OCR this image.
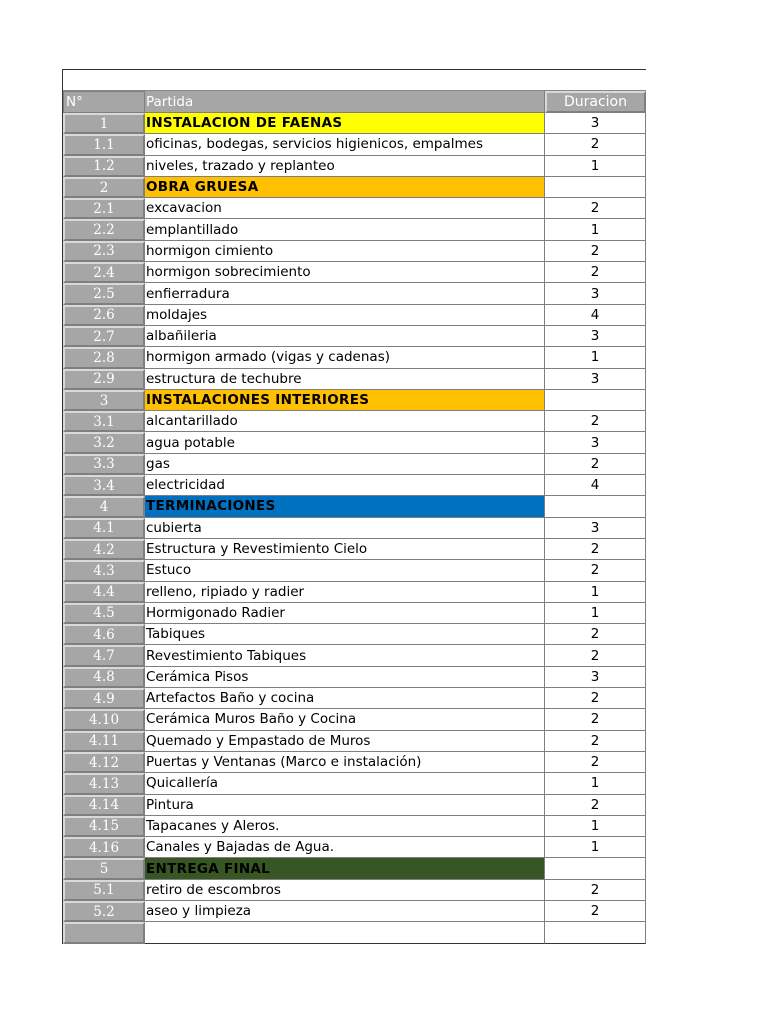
N°	Partida	Duracion
1	INSTALACION DE FAENAS	3
1.1	oficinas, bodegas, servicios higienicos, empalmes	2
1.2	niveles, trazado y replanteo	1
2	OBRA GRUESA
2.1	excavacion	2
2.2	emplantillado	1
2.3	hormigon cimiento	2
2.4	hormigon sobrecimiento	2
2.5	enfierradura	3
2.6	moldajes	4
2.7	albañileria	3
2.8	hormigon armado (vigas y cadenas)	1
2.9	estructura de techubre	3
3	INSTALACIONES INTERIORES
3.1	alcantarillado	2
3.2	agua potable	3
3.3	gas	2
3.4	electricidad	4
4	TERMINACIONES
4.1	cubierta	3
4.2	Estructura y Revestimiento Cielo	2
4.3	Estuco	2
4.4	relleno, ripiado y radier	1
4.5	Hormigonado Radier	1
4.6	Tabiques	2
4.7	Revestimiento Tabiques	2
4.8	Cerámica Pisos	3
4.9	Artefactos Baño y cocina	2
4.10	Cerámica Muros Baño y Cocina	2
4.11	Quemado y Empastado de Muros	2
4.12	Puertas y Ventanas (Marco e instalación)	2
4.13	Quicallería	1
4.14	Pintura	2
4.15	Tapacanes y Aleros.	1
4.16	Canales y Bajadas de Agua.	1
5	ENTREGA FINAL
5.1	retiro de escombros	2
5.2	aseo y limpieza	2
